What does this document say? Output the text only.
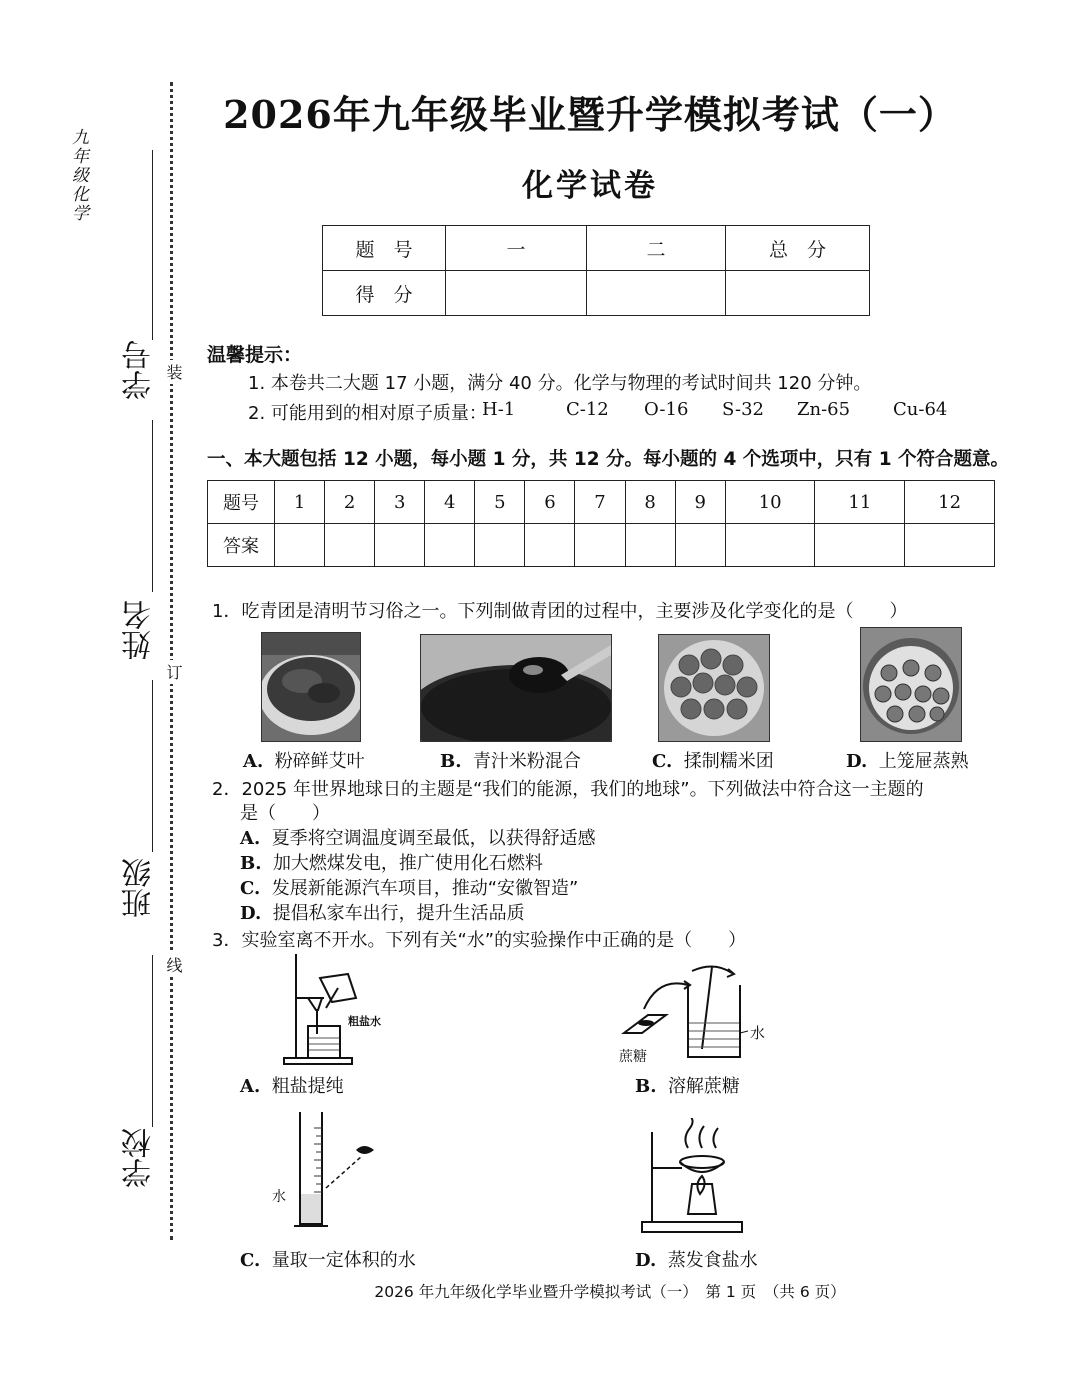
九年级化学
学号
姓名
班级
学校
装
订
线
2026年九年级毕业暨升学模拟考试（一）
化学试卷
题　号	一	二	总　分
得　分			
温馨提示：
1. 本卷共二大题 17 小题，满分 40 分。化学与物理的考试时间共 120 分钟。
2. 可能用到的相对原子质量：
H-1	C-12 O-16 S-32 Zn-65 Cu-64
一、本大题包括 12 小题，每小题 1 分，共 12 分。每小题的 4 个选项中，只有 1 个符合题意。
题号	1	2	3	4	5	6	7	8	9	10	11	12
答案												
1．吃青团是清明节习俗之一。下列制做青团的过程中，主要涉及化学变化的是（　　）
A. 粉碎鲜艾叶	B. 青汁米粉混合	C. 揉制糯米团	D. 上笼屉蒸熟
2．2025 年世界地球日的主题是“我们的能源，我们的地球”。下列做法中符合这一主题的
是（　　）
A. 夏季将空调温度调至最低，以获得舒适感
B. 加大燃煤发电，推广使用化石燃料
C. 发展新能源汽车项目，推动“安徽智造”
D. 提倡私家车出行，提升生活品质
3．实验室离不开水。下列有关“水”的实验操作中正确的是（　　）
粗盐水
蔗糖
水
A. 粗盐提纯	B. 溶解蔗糖
水
C. 量取一定体积的水	D. 蒸发食盐水
2026 年九年级化学毕业暨升学模拟考试（一）　第 1 页　（共 6 页）
